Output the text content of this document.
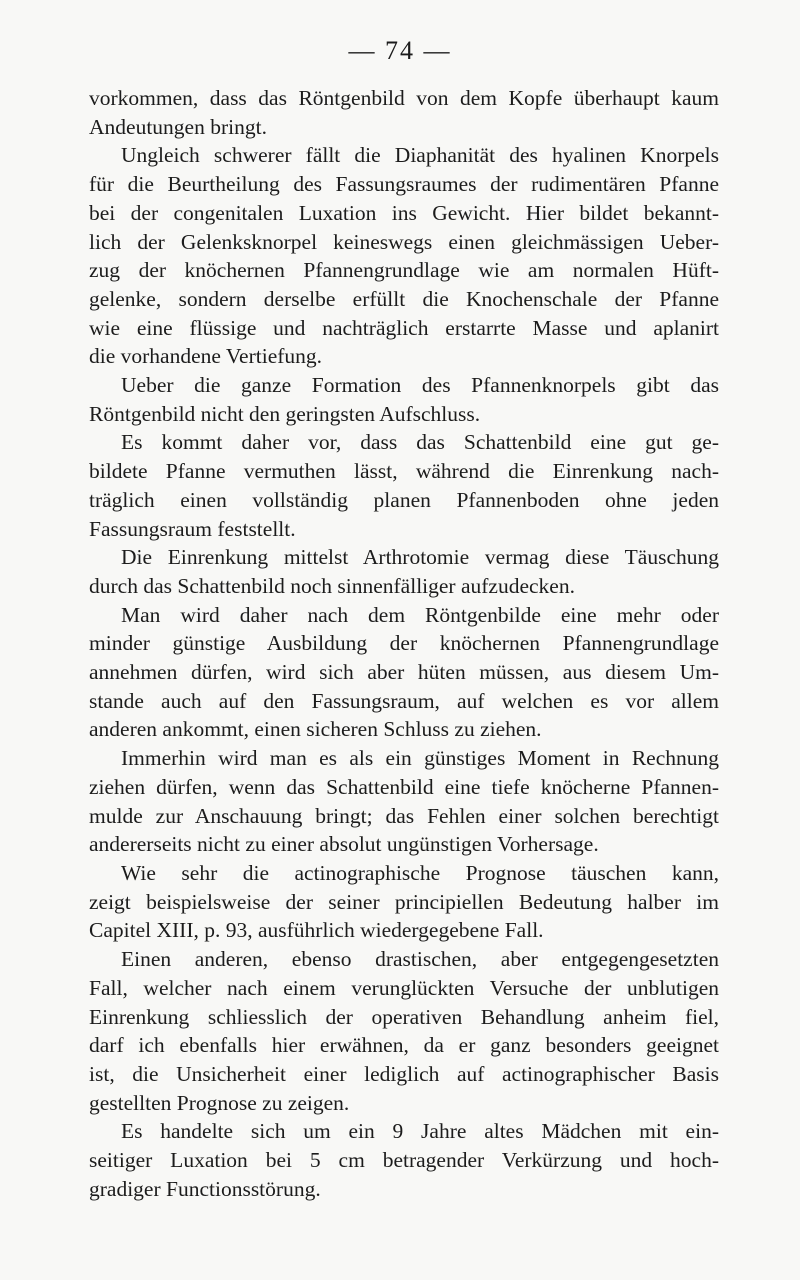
— 74 —
vorkommen, dass das Röntgenbild von dem Kopfe überhaupt kaum
Andeutungen bringt.
Ungleich schwerer fällt die Diaphanität des hyalinen Knorpels
für die Beurtheilung des Fassungsraumes der rudimentären Pfanne
bei der congenitalen Luxation ins Gewicht. Hier bildet bekannt-
lich der Gelenksknorpel keineswegs einen gleichmässigen Ueber-
zug der knöchernen Pfannengrundlage wie am normalen Hüft-
gelenke, sondern derselbe erfüllt die Knochenschale der Pfanne
wie eine flüssige und nachträglich erstarrte Masse und aplanirt
die vorhandene Vertiefung.
Ueber die ganze Formation des Pfannenknorpels gibt das
Röntgenbild nicht den geringsten Aufschluss.
Es kommt daher vor, dass das Schattenbild eine gut ge-
bildete Pfanne vermuthen lässt, während die Einrenkung nach-
träglich einen vollständig planen Pfannenboden ohne jeden
Fassungsraum feststellt.
Die Einrenkung mittelst Arthrotomie vermag diese Täuschung
durch das Schattenbild noch sinnenfälliger aufzudecken.
Man wird daher nach dem Röntgenbilde eine mehr oder
minder günstige Ausbildung der knöchernen Pfannengrundlage
annehmen dürfen, wird sich aber hüten müssen, aus diesem Um-
stande auch auf den Fassungsraum, auf welchen es vor allem
anderen ankommt, einen sicheren Schluss zu ziehen.
Immerhin wird man es als ein günstiges Moment in Rechnung
ziehen dürfen, wenn das Schattenbild eine tiefe knöcherne Pfannen-
mulde zur Anschauung bringt; das Fehlen einer solchen berechtigt
andererseits nicht zu einer absolut ungünstigen Vorhersage.
Wie sehr die actinographische Prognose täuschen kann,
zeigt beispielsweise der seiner principiellen Bedeutung halber im
Capitel XIII, p. 93, ausführlich wiedergegebene Fall.
Einen anderen, ebenso drastischen, aber entgegengesetzten
Fall, welcher nach einem verunglückten Versuche der unblutigen
Einrenkung schliesslich der operativen Behandlung anheim fiel,
darf ich ebenfalls hier erwähnen, da er ganz besonders geeignet
ist, die Unsicherheit einer lediglich auf actinographischer Basis
gestellten Prognose zu zeigen.
Es handelte sich um ein 9 Jahre altes Mädchen mit ein-
seitiger Luxation bei 5 cm betragender Verkürzung und hoch-
gradiger Functionsstörung.
